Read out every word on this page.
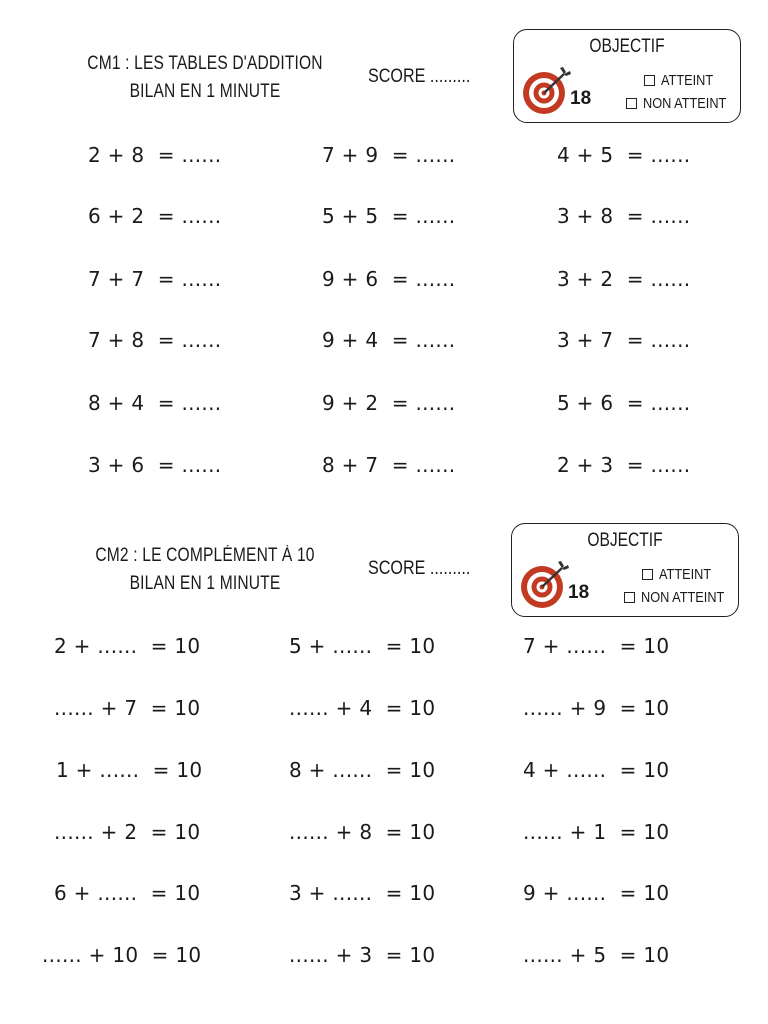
CM1 : LES TABLES D'ADDITION
BILAN EN 1 MINUTE
SCORE .........
OBJECTIF
18
ATTEINT
NON ATTEINT
2 + 8  = ......
6 + 2  = ......
7 + 7  = ......
7 + 8  = ......
8 + 4  = ......
3 + 6  = ......
7 + 9  = ......
5 + 5  = ......
9 + 6  = ......
9 + 4  = ......
9 + 2  = ......
8 + 7  = ......
4 + 5  = ......
3 + 8  = ......
3 + 2  = ......
3 + 7  = ......
5 + 6  = ......
2 + 3  = ......
CM2 : LE COMPLÉMENT À 10
BILAN EN 1 MINUTE
SCORE .........
OBJECTIF
18
ATTEINT
NON ATTEINT
2 + ......  = 10
...... + 7  = 10
1 + ......  = 10
...... + 2  = 10
6 + ......  = 10
...... + 10  = 10
5 + ......  = 10
...... + 4  = 10
8 + ......  = 10
...... + 8  = 10
3 + ......  = 10
...... + 3  = 10
7 + ......  = 10
...... + 9  = 10
4 + ......  = 10
...... + 1  = 10
9 + ......  = 10
...... + 5  = 10
